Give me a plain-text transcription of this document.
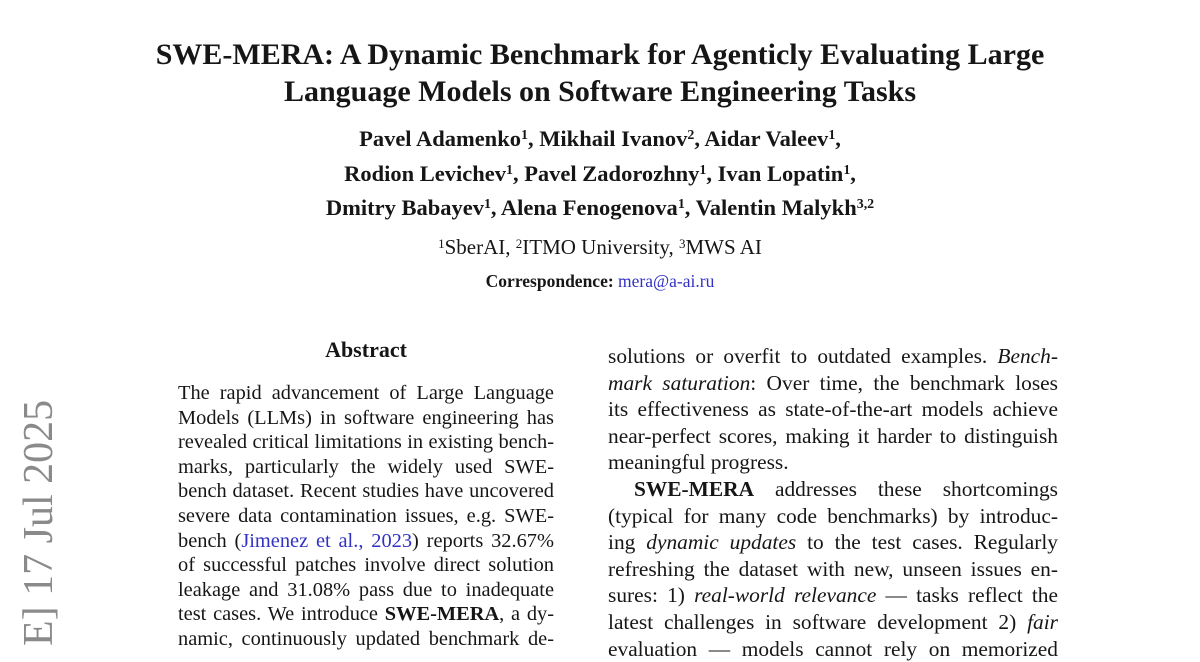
E] 17 Jul 2025
SWE-MERA: A Dynamic Benchmark for Agenticly Evaluating Large
Language Models on Software Engineering Tasks
Pavel Adamenko$^1$, Mikhail Ivanov$^2$, Aidar Valeev$^1$,
Rodion Levichev$^1$, Pavel Zadorozhny$^1$, Ivan Lopatin$^1$,
Dmitry Babayev$^1$, Alena Fenogenova$^1$, Valentin Malykh$^{3,2}$
$^1$SberAI, $^2$ITMO University, $^3$MWS AI
Correspondence: mera@a-ai.ru
Abstract
The rapid advancement of Large Language
Models (LLMs) in software engineering has
revealed critical limitations in existing bench-
marks, particularly the widely used SWE-
bench dataset. Recent studies have uncovered
severe data contamination issues, e.g. SWE-
bench (Jimenez et al., 2023) reports 32.67%
of successful patches involve direct solution
leakage and 31.08% pass due to inadequate
test cases. We introduce SWE-MERA, a dy-
namic, continuously updated benchmark de-
solutions or overfit to outdated examples. Bench-
mark saturation: Over time, the benchmark loses
its effectiveness as state-of-the-art models achieve
near-perfect scores, making it harder to distinguish
meaningful progress.
SWE-MERA addresses these shortcomings
(typical for many code benchmarks) by introduc-
ing dynamic updates to the test cases. Regularly
refreshing the dataset with new, unseen issues en-
sures: 1) real-world relevance — tasks reflect the
latest challenges in software development 2) fair
evaluation — models cannot rely on memorized
